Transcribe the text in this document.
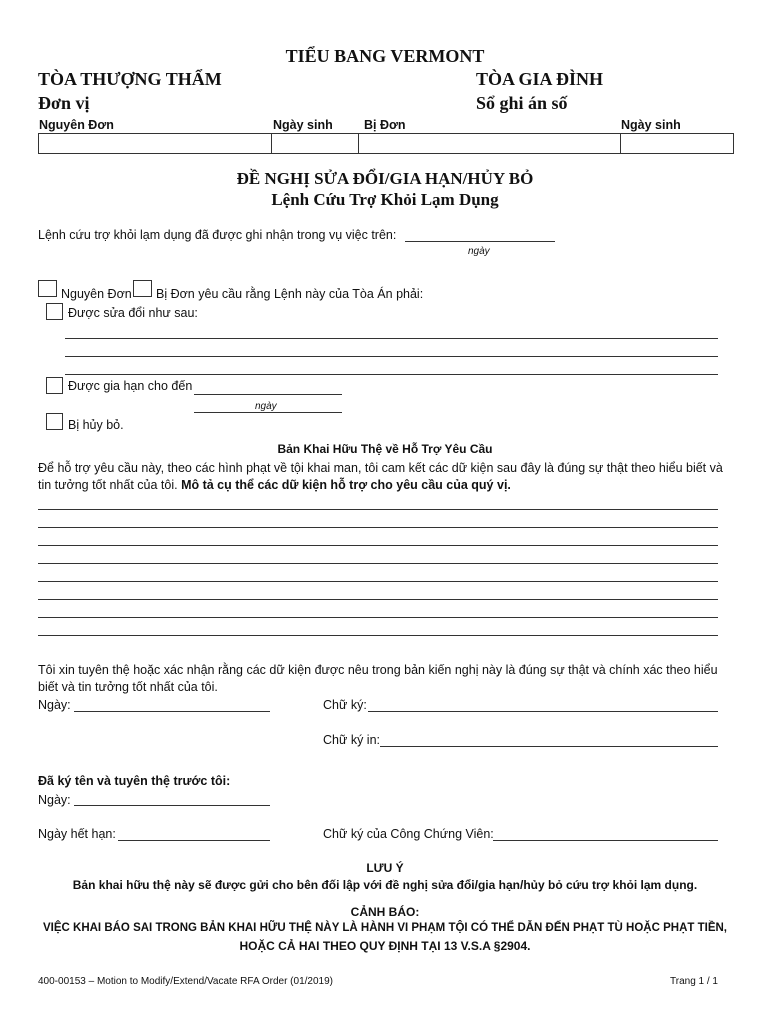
TIỂU BANG VERMONT
TÒA THƯỢNG THẨM
Đơn vị
TÒA GIA ĐÌNH
Sổ ghi án số
Nguyên Đơn	Ngày sinh	Bị Đơn	Ngày sinh
ĐỀ NGHỊ SỬA ĐỔI/GIA HẠN/HỦY BỎ
Lệnh Cứu Trợ Khỏi Lạm Dụng
Lệnh cứu trợ khỏi lạm dụng đã được ghi nhận trong vụ việc trên:
ngày
Nguyên Đơn Bị Đơn yêu cầu rằng Lệnh này của Tòa Án phải:
Được sửa đổi như sau:
Được gia hạn cho đến
ngày
Bị hủy bỏ.
Bản Khai Hữu Thệ về Hỗ Trợ Yêu Cầu
Để hỗ trợ yêu cầu này, theo các hình phạt về tội khai man, tôi cam kết các dữ kiện sau đây là đúng sự thật theo hiểu biết và tin tưởng tốt nhất của tôi. Mô tả cụ thể các dữ kiện hỗ trợ cho yêu cầu của quý vị.
Tôi xin tuyên thệ hoặc xác nhận rằng các dữ kiện được nêu trong bản kiến nghị này là đúng sự thật và chính xác theo hiểu biết và tin tưởng tốt nhất của tôi.
Ngày:	Chữ ký:
Chữ ký in:
Đã ký tên và tuyên thệ trước tôi:
Ngày:
Ngày hết hạn:	Chữ ký của Công Chứng Viên:
LƯU Ý
Bản khai hữu thệ này sẽ được gửi cho bên đối lập với đề nghị sửa đổi/gia hạn/hủy bỏ cứu trợ khỏi lạm dụng.
CẢNH BÁO:
VIỆC KHAI BÁO SAI TRONG BẢN KHAI HỮU THỆ NÀY LÀ HÀNH VI PHẠM TỘI CÓ THỂ DẪN ĐẾN PHẠT TÙ HOẶC PHẠT TIỀN,
HOẶC CẢ HAI THEO QUY ĐỊNH TẠI 13 V.S.A §2904.
400-00153 – Motion to Modify/Extend/Vacate RFA Order (01/2019)	Trang 1 / 1
